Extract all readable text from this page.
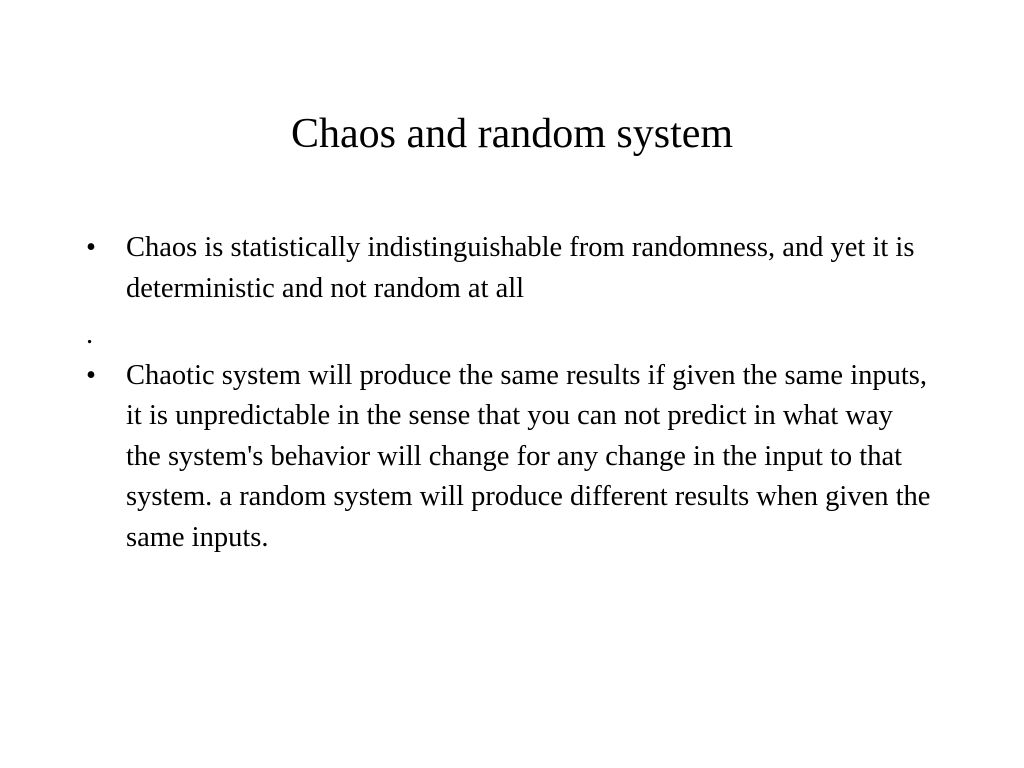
Chaos and random system
• Chaos is statistically indistinguishable from randomness, and yet it is deterministic and not random at all
.
• Chaotic system will produce the same results if given the same inputs, it is unpredictable in the sense that you can not predict in what way the system's behavior will change for any change in the input to that system. a random system will produce different results when given the same inputs.
